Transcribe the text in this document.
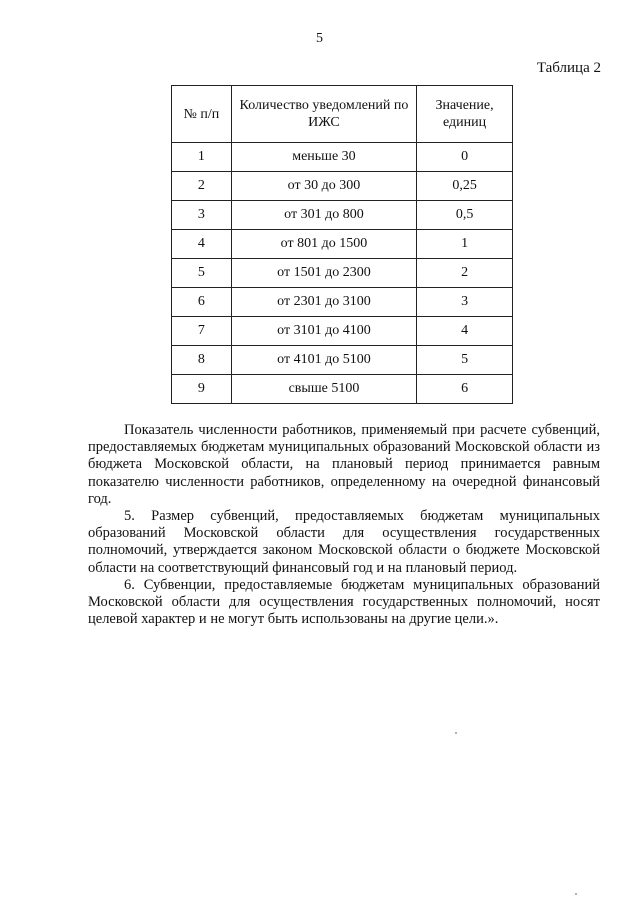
5
Таблица 2
№ п/п	Количество уведомлений по ИЖС	Значение, единиц
1	меньше 30	0
2	от 30 до 300	0,25
3	от 301 до 800	0,5
4	от 801 до 1500	1
5	от 1501 до 2300	2
6	от 2301 до 3100	3
7	от 3101 до 4100	4
8	от 4101 до 5100	5
9	свыше 5100	6

Показатель численности работников, применяемый при расчете субвенций, предоставляемых бюджетам муниципальных образований Московской области из бюджета Московской области, на плановый период принимается равным показателю численности работников, определенному на очередной финансовый год.

5. Размер субвенций, предоставляемых бюджетам муниципальных образований Московской области для осуществления государственных полномочий, утверждается законом Московской области о бюджете Московской области на соответствующий финансовый год и на плановый период.

6. Субвенции, предоставляемые бюджетам муниципальных образований Московской области для осуществления государственных полномочий, носят целевой характер и не могут быть использованы на другие цели.».
